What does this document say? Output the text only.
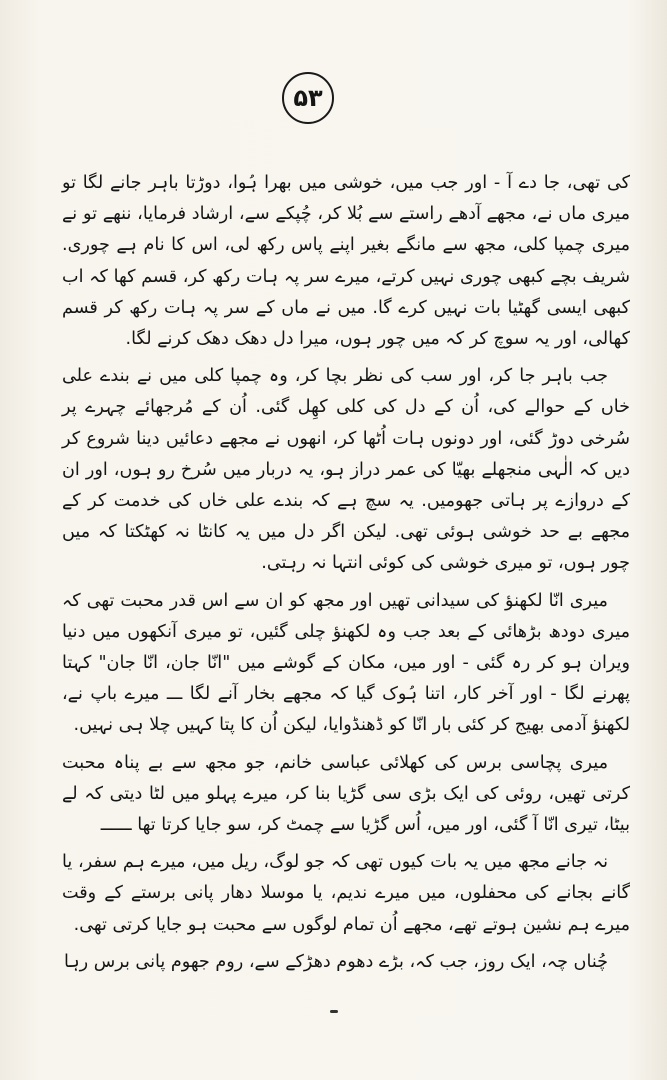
۵۳

کی تھی، جا دے آ - اور جب میں، خوشی میں بھرا ہُوا، دوڑتا باہر جانے لگا تو میری ماں نے، مجھے آدھے راستے سے بُلا کر، چُپکے سے، ارشاد فرمایا، ننھے تو نے میری چمپا کلی، مجھ سے مانگے بغیر اپنے پاس رکھ لی، اس کا نام ہے چوری. شریف بچے کبھی چوری نہیں کرتے، میرے سر پہ ہات رکھ کر، قسم کھا کہ اب کبھی ایسی گھٹیا بات نہیں کرے گا. میں نے ماں کے سر پہ ہات رکھ کر قسم کھالی، اور یہ سوچ کر کہ میں چور ہوں، میرا دل دھک دھک کرنے لگا.

جب باہر جا کر، اور سب کی نظر بچا کر، وہ چمپا کلی میں نے بندے علی خاں کے حوالے کی، اُن کے دل کی کلی کھِل گئی. اُن کے مُرجھائے چہرے پر سُرخی دوڑ گئی، اور دونوں ہات اُٹھا کر، انھوں نے مجھے دعائیں دینا شروع کر دیں کہ الٰہی منجھلے بھیّا کی عمر دراز ہو، یہ دربار میں سُرخ رو ہوں، اور ان کے دروازے پر ہاتی جھومیں. یہ سچ ہے کہ بندے علی خاں کی خدمت کر کے مجھے بے حد خوشی ہوئی تھی. لیکن اگر دل میں یہ کانٹا نہ کھٹکتا کہ میں چور ہوں، تو میری خوشی کی کوئی انتہا نہ رہتی.

میری انّا لکھنؤ کی سیدانی تھیں اور مجھ کو ان سے اس قدر محبت تھی کہ میری دودھ بڑھائی کے بعد جب وہ لکھنؤ چلی گئیں، تو میری آنکھوں میں دنیا ویران ہو کر رہ گئی - اور میں، مکان کے گوشے میں "انّا جان، انّا جان" کہتا پھرنے لگا - اور آخر کار، اتنا ہُوک گیا کہ مجھے بخار آنے لگا ـــ میرے باپ نے، لکھنؤ آدمی بھیج کر کئی بار انّا کو ڈھنڈوایا، لیکن اُن کا پتا کہیں چلا ہی نہیں.

میری پچاسی برس کی کھلائی عباسی خانم، جو مجھ سے بے پناہ محبت کرتی تھیں، روئی کی ایک بڑی سی گڑیا بنا کر، میرے پہلو میں لٹا دیتی کہ لے بیٹا، تیری انّا آ گئی، اور میں، اُس گڑیا سے چمٹ کر، سو جایا کرتا تھا ــــــ

نہ جانے مجھ میں یہ بات کیوں تھی کہ جو لوگ، ریل میں، میرے ہم سفر، یا گانے بجانے کی محفلوں، میں میرے ندیم، یا موسلا دھار پانی برستے کے وقت میرے ہم نشین ہوتے تھے، مجھے اُن تمام لوگوں سے محبت ہو جایا کرتی تھی.

چُناں چہ، ایک روز، جب کہ، بڑے دھوم دھڑکے سے، روم جھوم پانی برس رہا
